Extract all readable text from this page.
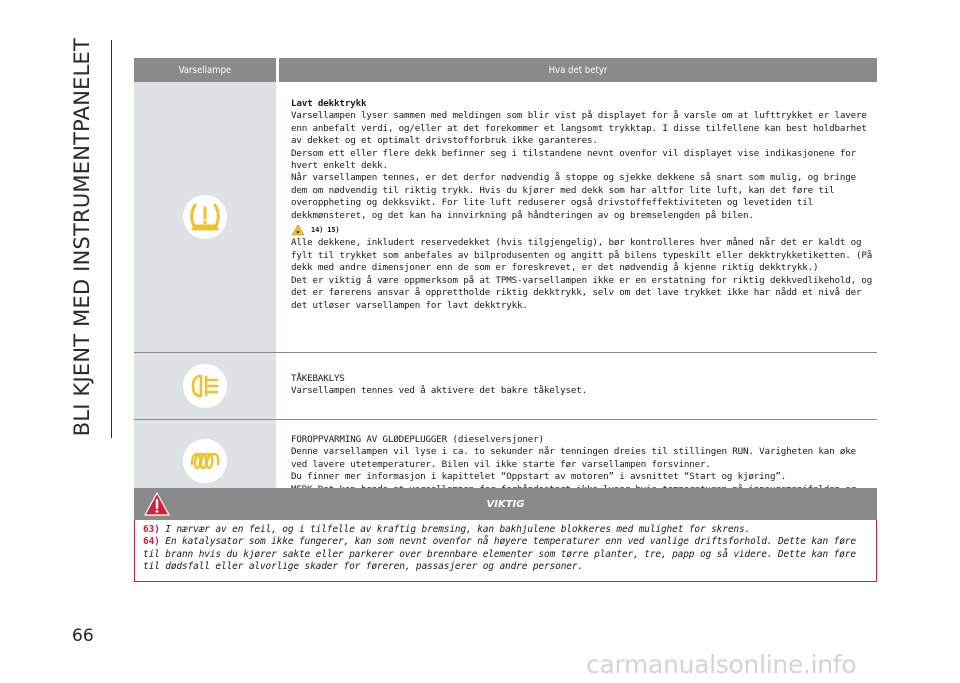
BLI KJENT MED INSTRUMENTPANELET	Varsellampe	Hva det betyr

Lavt dekktrykk

Varsellampen lyser sammen med meldingen som blir vist på displayet for å varsle om at lufttrykket er lavere enn anbefalt verdi, og/eller at det forekommer et langsomt trykktap. I disse tilfellene kan best holdbarhet av dekket og et optimalt drivstofforbruk ikke garanteres.

Dersom ett eller flere dekk befinner seg i tilstandene nevnt ovenfor vil displayet vise indikasjonene for hvert enkelt dekk.

Når varsellampen tennes, er det derfor nødvendig å stoppe og sjekke dekkene så snart som mulig, og bringe dem om nødvendig til riktig trykk. Hvis du kjører med dekk som har altfor lite luft, kan det føre til overoppheting og dekksvikt. For lite luft reduserer også drivstoffeffektiviteten og levetiden til dekkmønsteret, og det kan ha innvirkning på håndteringen av og bremselengden på bilen.

14) 15)

Alle dekkene, inkludert reservedekket (hvis tilgjengelig), bør kontrolleres hver måned når det er kaldt og fylt til trykket som anbefales av bilprodusenten og angitt på bilens typeskilt eller dekktrykketiketten. (På dekk med andre dimensjoner enn de som er foreskrevet, er det nødvendig å kjenne riktig dekktrykk.)

Det er viktig å være oppmerksom på at TPMS-varsellampen ikke er en erstatning for riktig dekkvedlikehold, og det er førerens ansvar å opprettholde riktig dekktrykk, selv om det lave trykket ikke har nådd et nivå der det utløser varsellampen for lavt dekktrykk.

TÅKEBAKLYS

Varsellampen tennes ved å aktivere det bakre tåkelyset.

FOROPPVARMING AV GLØDEPLUGGER (dieselversjoner)

Denne varsellampen vil lyse i ca. to sekunder når tenningen dreies til stillingen RUN. Varigheten kan øke ved lavere utetemperaturer. Bilen vil ikke starte før varsellampen forsvinner.

Du finner mer informasjon i kapittelet “Oppstart av motoren” i avsnittet “Start og kjøring”.

VIKTIG

63) I nærvær av en feil, og i tilfelle av kraftig bremsing, kan bakhjulene blokkeres med mulighet for skrens.

64) En katalysator som ikke fungerer, kan som nevnt ovenfor nå høyere temperaturer enn ved vanlige driftsforhold. Dette kan føre til brann hvis du kjører sakte eller parkerer over brennbare elementer som tørre planter, tre, papp og så videre. Dette kan føre til dødsfall eller alvorlige skader for føreren, passasjerer og andre personer.

66
carmanualsonline.info
